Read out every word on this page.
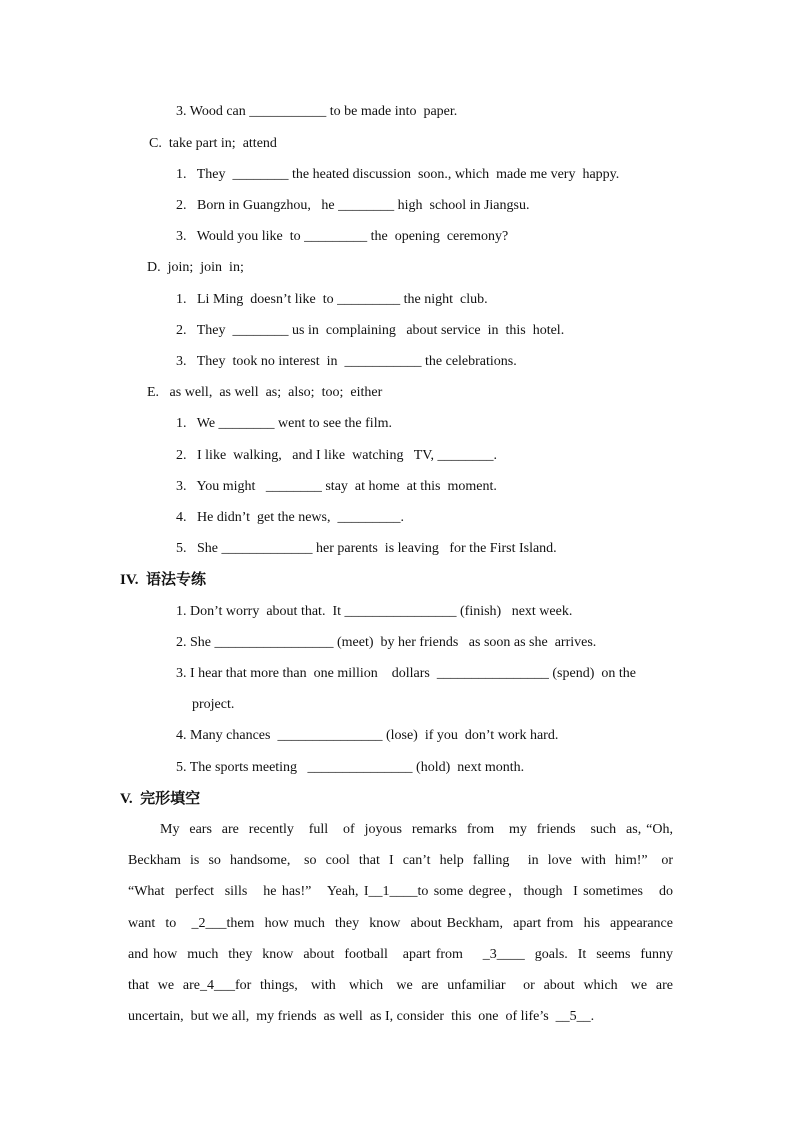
3. Wood can ___________ to be made into  paper.
C.  take part in;  attend
1.   They  ________ the heated discussion  soon., which  made me very  happy.
2.   Born in Guangzhou,   he ________ high  school in Jiangsu.
3.   Would you like  to _________ the  opening  ceremony?
D.  join;  join  in;
1.   Li Ming  doesn’t like  to _________ the night  club.
2.   They  ________ us in  complaining   about service  in  this  hotel.
3.   They  took no interest  in  ___________ the celebrations.
E.   as well,  as well  as;  also;  too;  either
1.   We ________ went to see the film.
2.   I like  walking,   and I like  watching   TV, ________.
3.   You might   ________ stay  at home  at this  moment.
4.   He didn’t  get the news,  _________.
5.   She _____________ her parents  is leaving   for the First Island.
IV.  语法专练
1. Don’t worry  about that.  It ________________ (finish)   next week.
2. She _________________ (meet)  by her friends   as soon as she  arrives.
3. I hear that more than  one million    dollars  ________________ (spend)  on the
project.
4. Many chances  _______________ (lose)  if you  don’t work hard.
5. The sports meeting   _______________ (hold)  next month.
V.  完形填空
My  ears  are  recently   full   of  joyous  remarks  from   my  friends   such  as, “Oh,
Beckham  is  so  handsome,   so  cool  that  I  can’t  help  falling    in  love  with  him!”   or
“What  perfect  sills   he has!”   Yeah, I__1____to some degree，though  I sometimes   do
want  to   _2___them  how much  they  know  about Beckham,  apart from  his  appearance
and how  much  they  know  about  football   apart from    _3____  goals.  It  seems  funny
that  we  are_4___for  things,   with   which   we  are  unfamiliar    or  about  which   we  are
uncertain,  but we all,  my friends  as well  as I, consider  this  one  of life’s  __5__.
